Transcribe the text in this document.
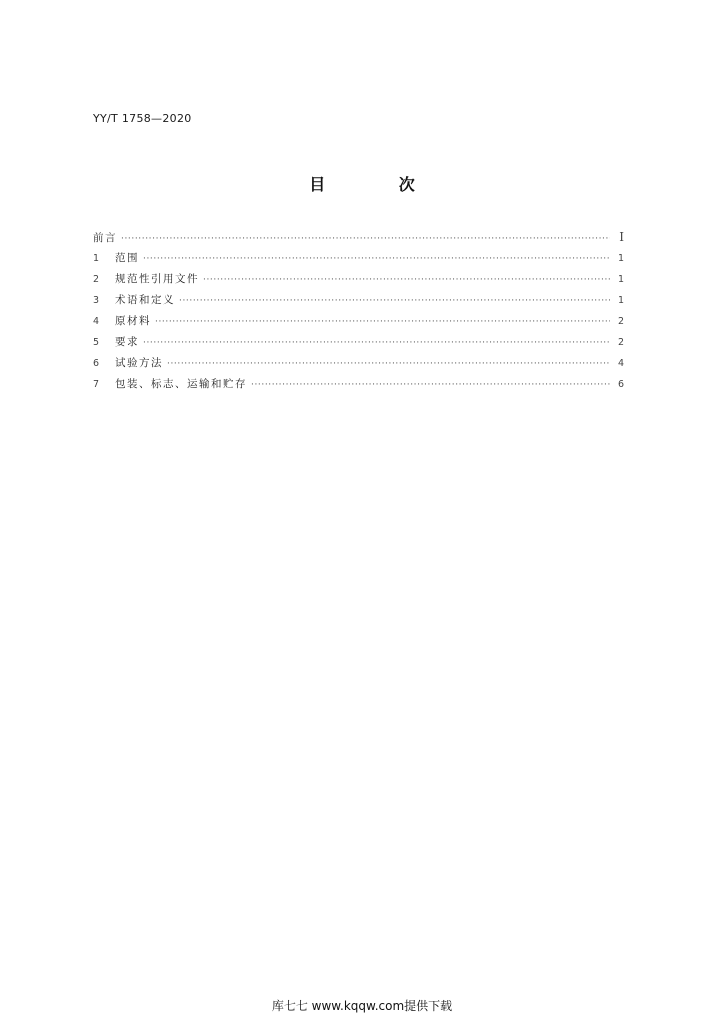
YY/T 1758—2020
目 次
前言 ·····	I
1	范围 ·····	1
2	规范性引用文件 ·····	1
3	术语和定义 ·····	1
4	原材料 ·····	2
5	要求 ·····	2
6	试验方法 ·····	4
7	包装、标志、运输和贮存 ·····	6
库七七 www.kqqw.com提供下载
